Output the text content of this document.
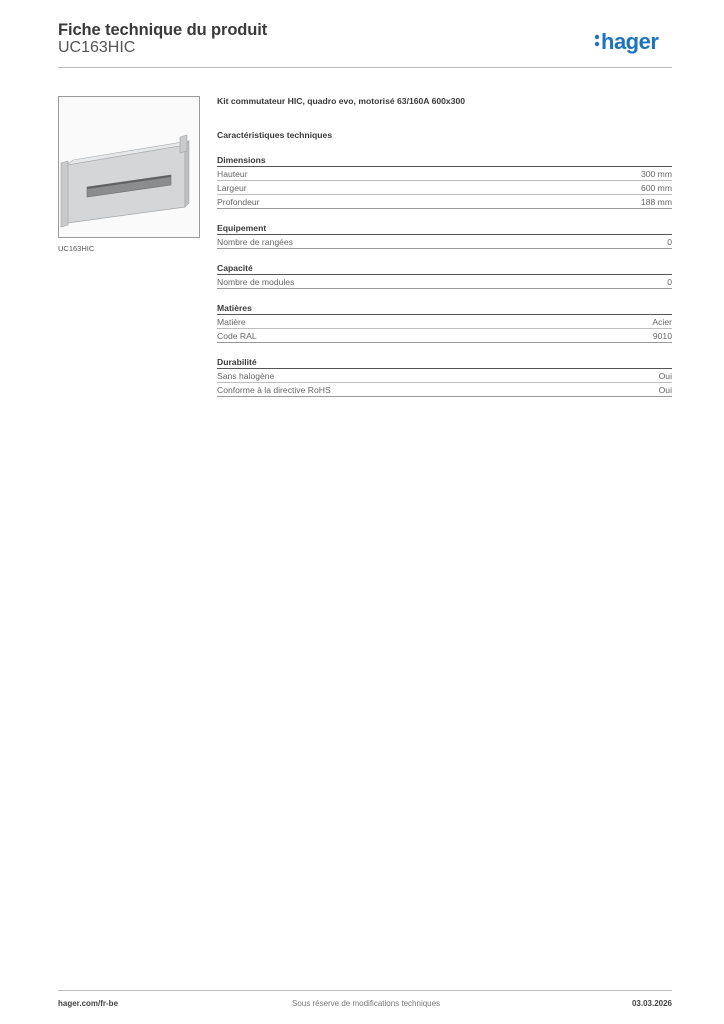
Fiche technique du produit
UC163HIC	hager
UC163HIC
Kit commutateur HIC, quadro evo, motorisé 63/160A 600x300
Caractéristiques techniques
Dimensions
Hauteur	300 mm
Largeur	600 mm
Profondeur	188 mm
Equipement
Nombre de rangées	0
Capacité
Nombre de modules	0
Matières
Matière	Acier
Code RAL	9010
Durabilité
Sans halogène	Oui
Conforme à la directive RoHS	Oui
hager.com/fr-be	Sous réserve de modifications techniques	03.03.2026
